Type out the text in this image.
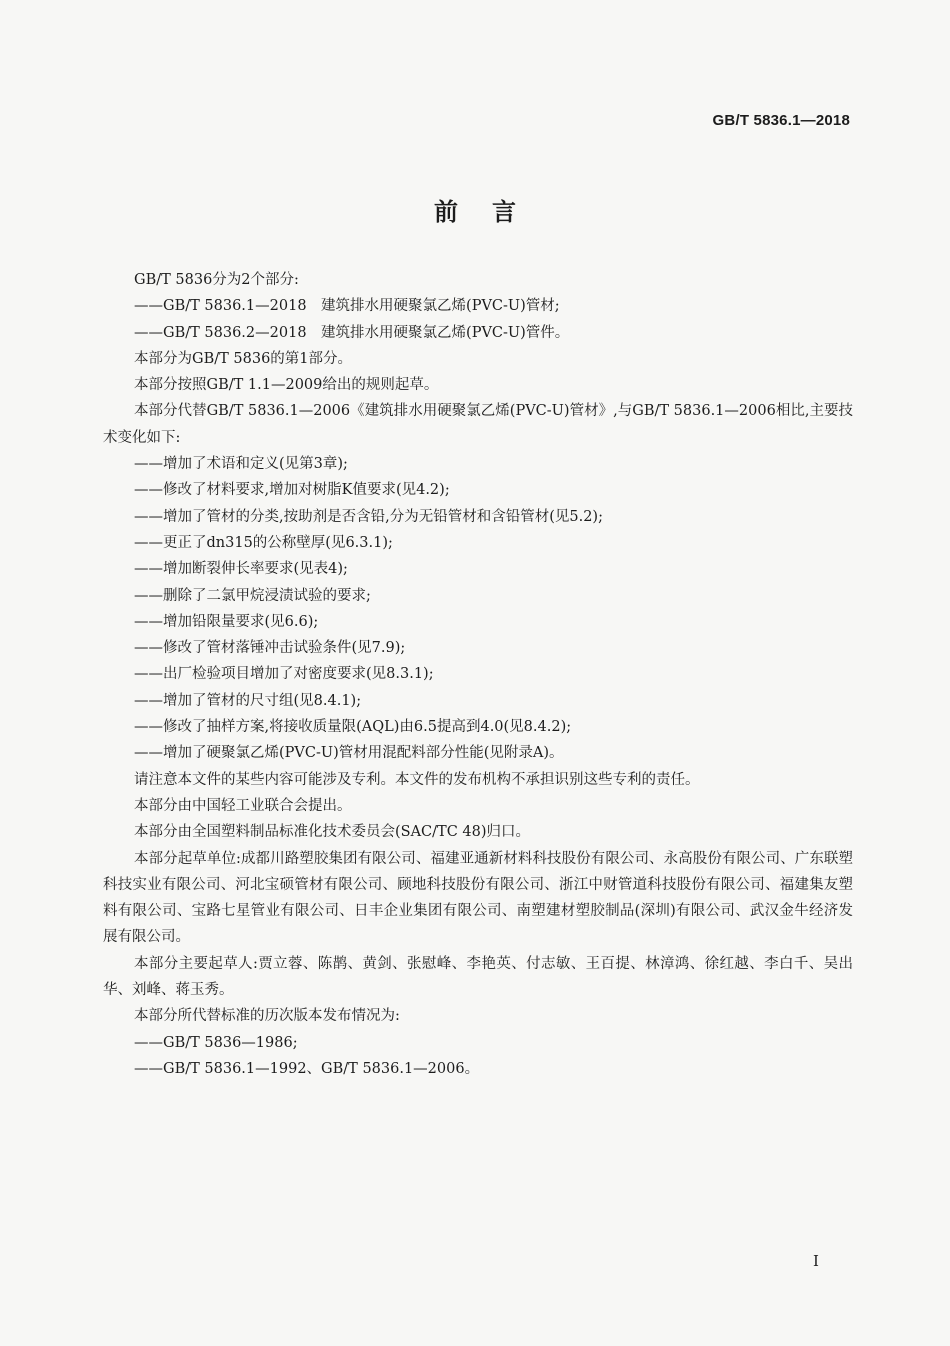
GB/T 5836.1—2018
前言

GB/T 5836分为2个部分:

——GB/T 5836.1—2018　建筑排水用硬聚氯乙烯(PVC-U)管材;

——GB/T 5836.2—2018　建筑排水用硬聚氯乙烯(PVC-U)管件。

本部分为GB/T 5836的第1部分。

本部分按照GB/T 1.1—2009给出的规则起草。

本部分代替GB/T 5836.1—2006《建筑排水用硬聚氯乙烯(PVC-U)管材》,与GB/T 5836.1—2006相比,主要技术变化如下:

——增加了术语和定义(见第3章);

——修改了材料要求,增加对树脂K值要求(见4.2);

——增加了管材的分类,按助剂是否含铅,分为无铅管材和含铅管材(见5.2);

——更正了dn315的公称壁厚(见6.3.1);

——增加断裂伸长率要求(见表4);

——删除了二氯甲烷浸渍试验的要求;

——增加铅限量要求(见6.6);

——修改了管材落锤冲击试验条件(见7.9);

——出厂检验项目增加了对密度要求(见8.3.1);

——增加了管材的尺寸组(见8.4.1);

——修改了抽样方案,将接收质量限(AQL)由6.5提高到4.0(见8.4.2);

——增加了硬聚氯乙烯(PVC-U)管材用混配料部分性能(见附录A)。

请注意本文件的某些内容可能涉及专利。本文件的发布机构不承担识别这些专利的责任。

本部分由中国轻工业联合会提出。

本部分由全国塑料制品标准化技术委员会(SAC/TC 48)归口。

本部分起草单位:成都川路塑胶集团有限公司、福建亚通新材料科技股份有限公司、永高股份有限公司、广东联塑科技实业有限公司、河北宝硕管材有限公司、顾地科技股份有限公司、浙江中财管道科技股份有限公司、福建集友塑料有限公司、宝路七星管业有限公司、日丰企业集团有限公司、南塑建材塑胶制品(深圳)有限公司、武汉金牛经济发展有限公司。

本部分主要起草人:贾立蓉、陈鹊、黄剑、张慰峰、李艳英、付志敏、王百提、林漳鸿、徐红越、李白千、吴出华、刘峰、蒋玉秀。

本部分所代替标准的历次版本发布情况为:

——GB/T 5836—1986;

——GB/T 5836.1—1992、GB/T 5836.1—2006。

I
